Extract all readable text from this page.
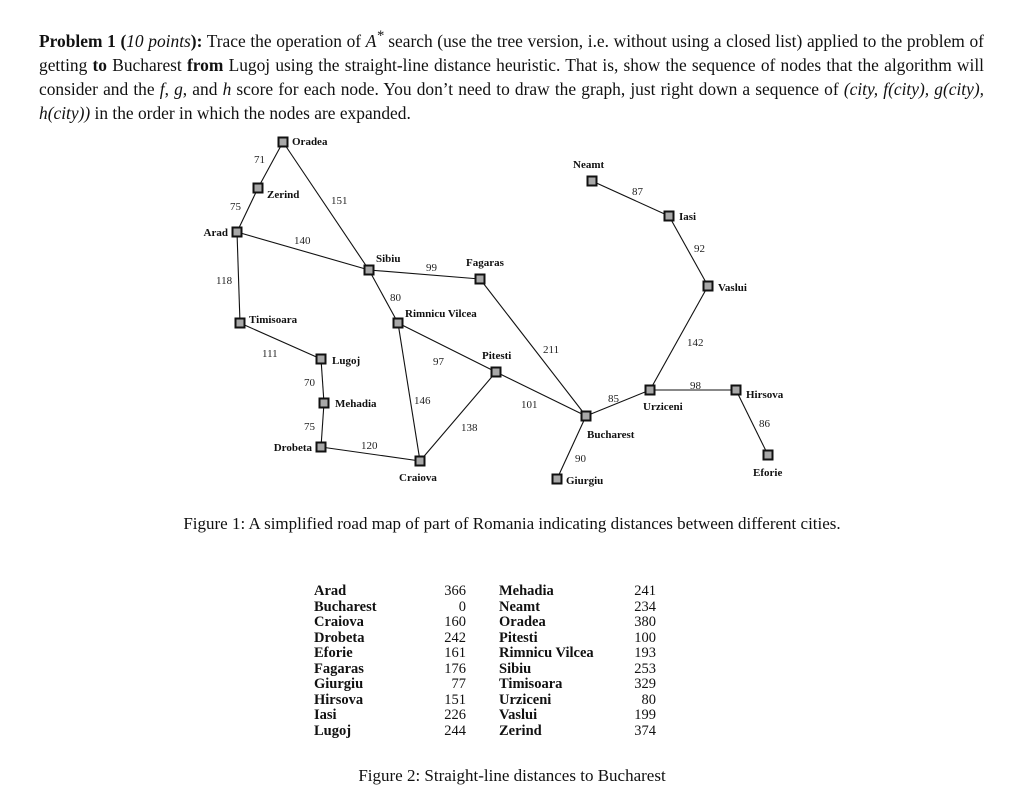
Problem 1 (10 points): Trace the operation of A* search (use the tree version, i.e. without using a closed list) applied to the problem of getting to Bucharest from Lugoj using the straight-line distance heuristic. That is, show the sequence of nodes that the algorithm will consider and the f, g, and h score for each node. You don’t need to draw the graph, just right down a sequence of (city, f(city), g(city), h(city)) in the order in which the nodes are expanded.

Oradea
Zerind
Arad
Timisoara
Lugoj
Mehadia
Drobeta
Sibiu
Rimnicu Vilcea
Fagaras
Pitesti
Craiova
Bucharest
Giurgiu
Urziceni
Hirsova
Eforie
Vaslui
Iasi
Neamt
71
75	151
140
118
111
70
75
120
99
80
97
146
138
211
101
90
85
98
86
142
92
87

Figure 1: A simplified road map of part of Romania indicating distances between different cities.

Arad	366		Mehadia	241
Bucharest	0		Neamt	234
Craiova	160		Oradea	380
Drobeta	242		Pitesti	100
Eforie	161		Rimnicu Vilcea	193
Fagaras	176		Sibiu	253
Giurgiu	77		Timisoara	329
Hirsova	151		Urziceni	80
Iasi	226		Vaslui	199
Lugoj	244		Zerind	374

Figure 2: Straight-line distances to Bucharest
